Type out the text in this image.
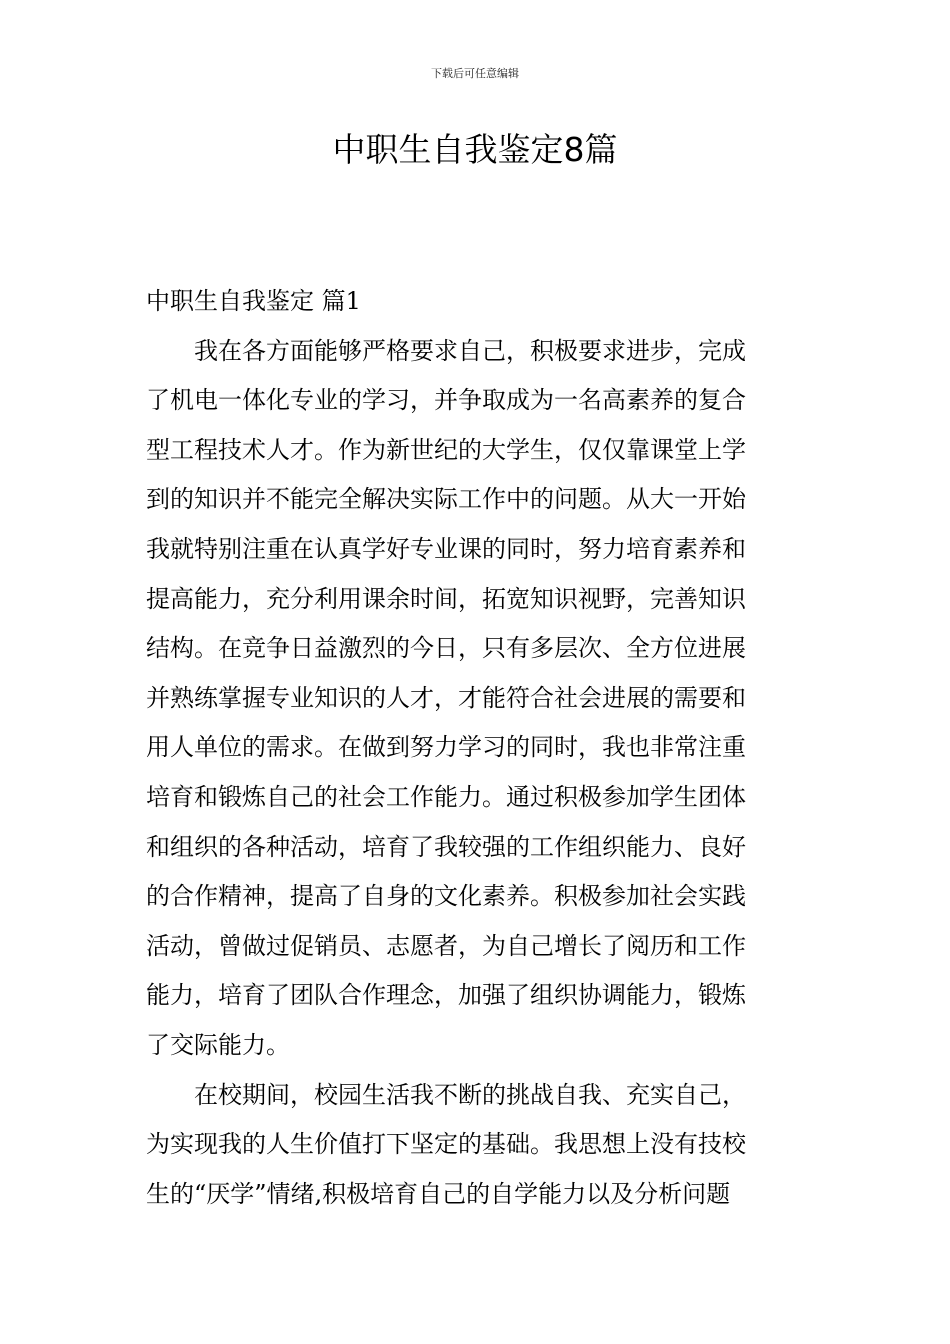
下载后可任意编辑
中职生自我鉴定8篇

中职生自我鉴定 篇1

我在各方面能够严格要求自己，积极要求进步，完成
了机电一体化专业的学习，并争取成为一名高素养的复合
型工程技术人才。作为新世纪的大学生，仅仅靠课堂上学
到的知识并不能完全解决实际工作中的问题。从大一开始
我就特别注重在认真学好专业课的同时，努力培育素养和
提高能力，充分利用课余时间，拓宽知识视野，完善知识
结构。在竞争日益激烈的今日，只有多层次、全方位进展
并熟练掌握专业知识的人才，才能符合社会进展的需要和
用人单位的需求。在做到努力学习的同时，我也非常注重
培育和锻炼自己的社会工作能力。通过积极参加学生团体
和组织的各种活动，培育了我较强的工作组织能力、良好
的合作精神，提高了自身的文化素养。积极参加社会实践
活动，曾做过促销员、志愿者，为自己增长了阅历和工作
能力，培育了团队合作理念，加强了组织协调能力，锻炼
了交际能力。

在校期间，校园生活我不断的挑战自我、充实自己，
为实现我的人生价值打下坚定的基础。我思想上没有技校
生的“厌学”情绪,积极培育自己的自学能力以及分析问题
